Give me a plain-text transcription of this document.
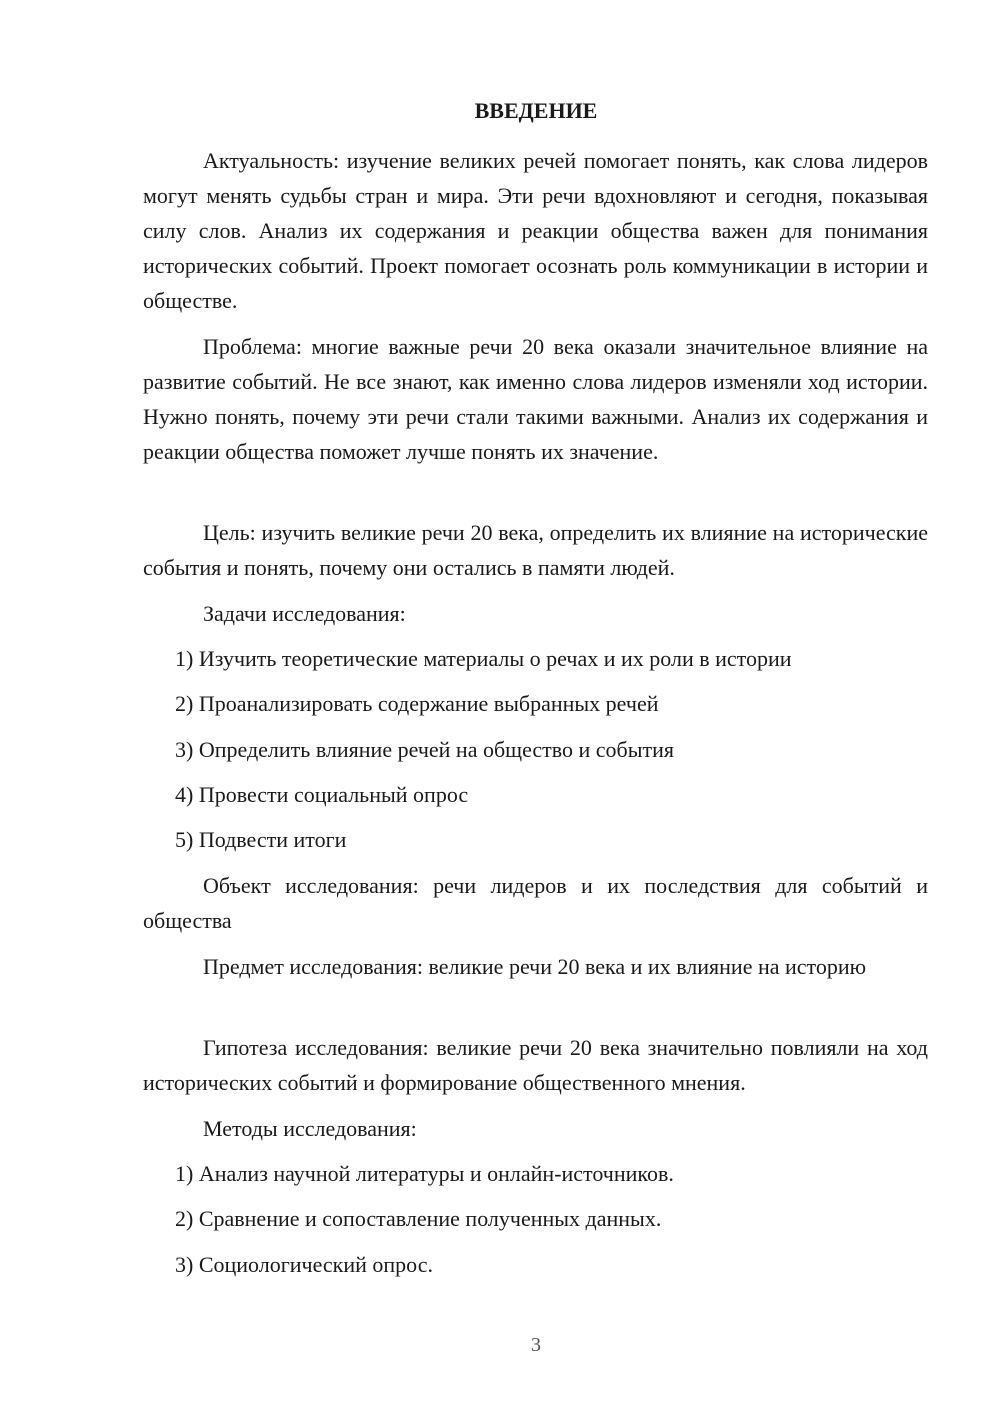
ВВЕДЕНИЕ

Актуальность: изучение великих речей помогает понять, как слова лидеров могут менять судьбы стран и мира. Эти речи вдохновляют и сегодня, показывая силу слов. Анализ их содержания и реакции общества важен для понимания исторических событий. Проект помогает осознать роль коммуникации в истории и обществе.

Проблема: многие важные речи 20 века оказали значительное влияние на развитие событий. Не все знают, как именно слова лидеров изменяли ход истории. Нужно понять, почему эти речи стали такими важными. Анализ их содержания и реакции общества поможет лучше понять их значение.

Цель: изучить великие речи 20 века, определить их влияние на исторические события и понять, почему они остались в памяти людей.

Задачи исследования:

1) Изучить теоретические материалы о речах и их роли в истории

2) Проанализировать содержание выбранных речей

3) Определить влияние речей на общество и события

4) Провести социальный опрос

5) Подвести итоги

Объект исследования: речи лидеров и их последствия для событий и общества

Предмет исследования: великие речи 20 века и их влияние на историю

Гипотеза исследования: великие речи 20 века значительно повлияли на ход исторических событий и формирование общественного мнения.

Методы исследования:

1) Анализ научной литературы и онлайн-источников.

2) Сравнение и сопоставление полученных данных.

3) Социологический опрос.

3
